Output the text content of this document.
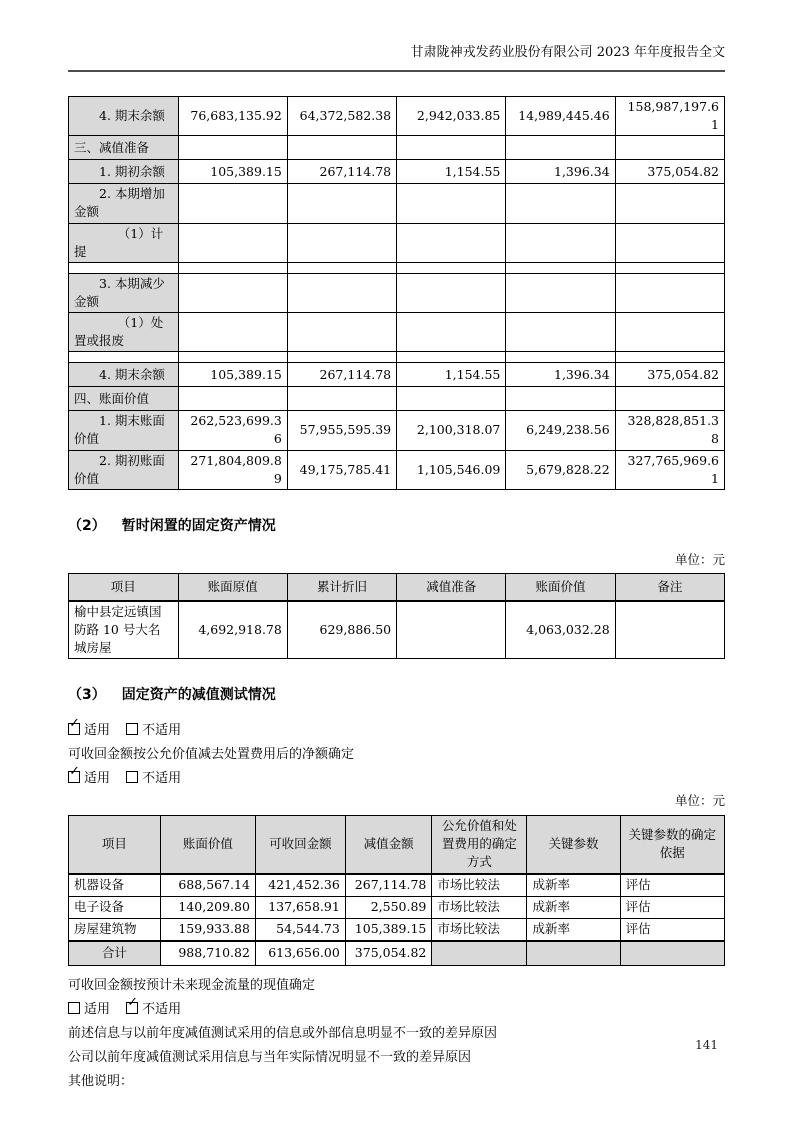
甘肃陇神戎发药业股份有限公司 2023 年年度报告全文
4. 期末余额	76,683,135.92	64,372,582.38	2,942,033.85	14,989,445.46	158,987,197.61
三、减值准备					
1. 期初余额	105,389.15	267,114.78	1,154.55	1,396.34	375,054.82
2. 本期增加金额					
（1）计提					

3. 本期减少金额					
（1）处置或报废					

4. 期末余额	105,389.15	267,114.78	1,154.55	1,396.34	375,054.82
四、账面价值					
1. 期末账面价值	262,523,699.36	57,955,595.39	2,100,318.07	6,249,238.56	328,828,851.38
2. 期初账面价值	271,804,809.89	49,175,785.41	1,105,546.09	5,679,828.22	327,765,969.61
（2） 暂时闲置的固定资产情况
单位：元
项目	账面原值	累计折旧	减值准备	账面价值	备注
榆中县定远镇国防路 10 号大名城房屋	4,692,918.78	629,886.50		4,063,032.28	
（3） 固定资产的减值测试情况
✓ 适用 不适用
可收回金额按公允价值减去处置费用后的净额确定
✓ 适用 不适用
单位：元
项目	账面价值	可收回金额	减值金额	公允价值和处置费用的确定方式	关键参数	关键参数的确定依据
机器设备	688,567.14	421,452.36	267,114.78	市场比较法	成新率	评估
电子设备	140,209.80	137,658.91	2,550.89	市场比较法	成新率	评估
房屋建筑物	159,933.88	54,544.73	105,389.15	市场比较法	成新率	评估
合计	988,710.82	613,656.00	375,054.82			
可收回金额按预计未来现金流量的现值确定
适用 ✓ 不适用
前述信息与以前年度减值测试采用的信息或外部信息明显不一致的差异原因
公司以前年度减值测试采用信息与当年实际情况明显不一致的差异原因
其他说明：
141
